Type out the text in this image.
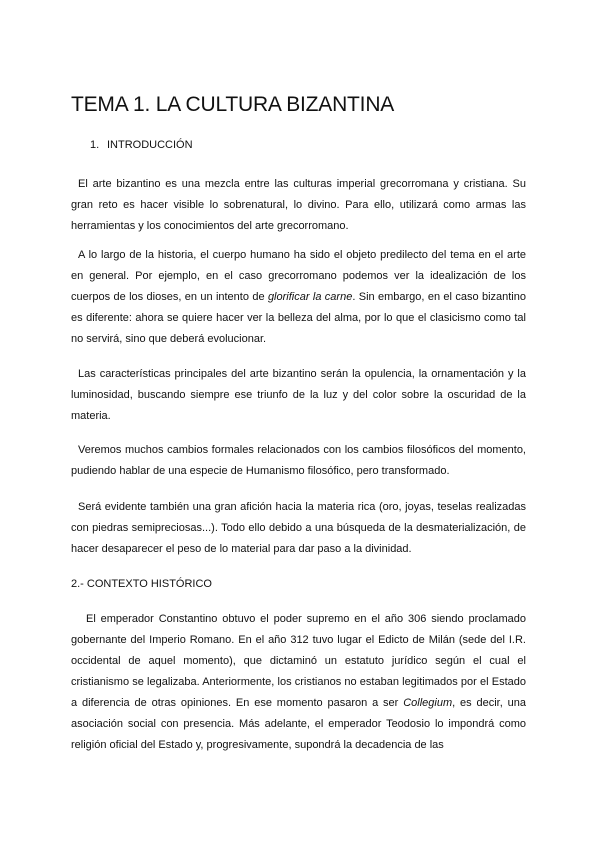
TEMA 1. LA CULTURA BIZANTINA
1. INTRODUCCIÓN

El arte bizantino es una mezcla entre las culturas imperial grecorromana y cristiana. Su gran reto es hacer visible lo sobrenatural, lo divino. Para ello, utilizará como armas las herramientas y los conocimientos del arte grecorromano.

A lo largo de la historia, el cuerpo humano ha sido el objeto predilecto del tema en el arte en general. Por ejemplo, en el caso grecorromano podemos ver la idealización de los cuerpos de los dioses, en un intento de glorificar la carne. Sin embargo, en el caso bizantino es diferente: ahora se quiere hacer ver la belleza del alma, por lo que el clasicismo como tal no servirá, sino que deberá evolucionar.

Las características principales del arte bizantino serán la opulencia, la ornamentación y la luminosidad, buscando siempre ese triunfo de la luz y del color sobre la oscuridad de la materia.

Veremos muchos cambios formales relacionados con los cambios filosóficos del momento, pudiendo hablar de una especie de Humanismo filosófico, pero transformado.

Será evidente también una gran afición hacia la materia rica (oro, joyas, teselas realizadas con piedras semipreciosas...). Todo ello debido a una búsqueda de la desmaterialización, de hacer desaparecer el peso de lo material para dar paso a la divinidad.

2.- CONTEXTO HISTÓRICO

El emperador Constantino obtuvo el poder supremo en el año 306 siendo proclamado gobernante del Imperio Romano. En el año 312 tuvo lugar el Edicto de Milán (sede del I.R. occidental de aquel momento), que dictaminó un estatuto jurídico según el cual el cristianismo se legalizaba. Anteriormente, los cristianos no estaban legitimados por el Estado a diferencia de otras opiniones. En ese momento pasaron a ser Collegium, es decir, una asociación social con presencia. Más adelante, el emperador Teodosio lo impondrá como religión oficial del Estado y, progresivamente, supondrá la decadencia de las
